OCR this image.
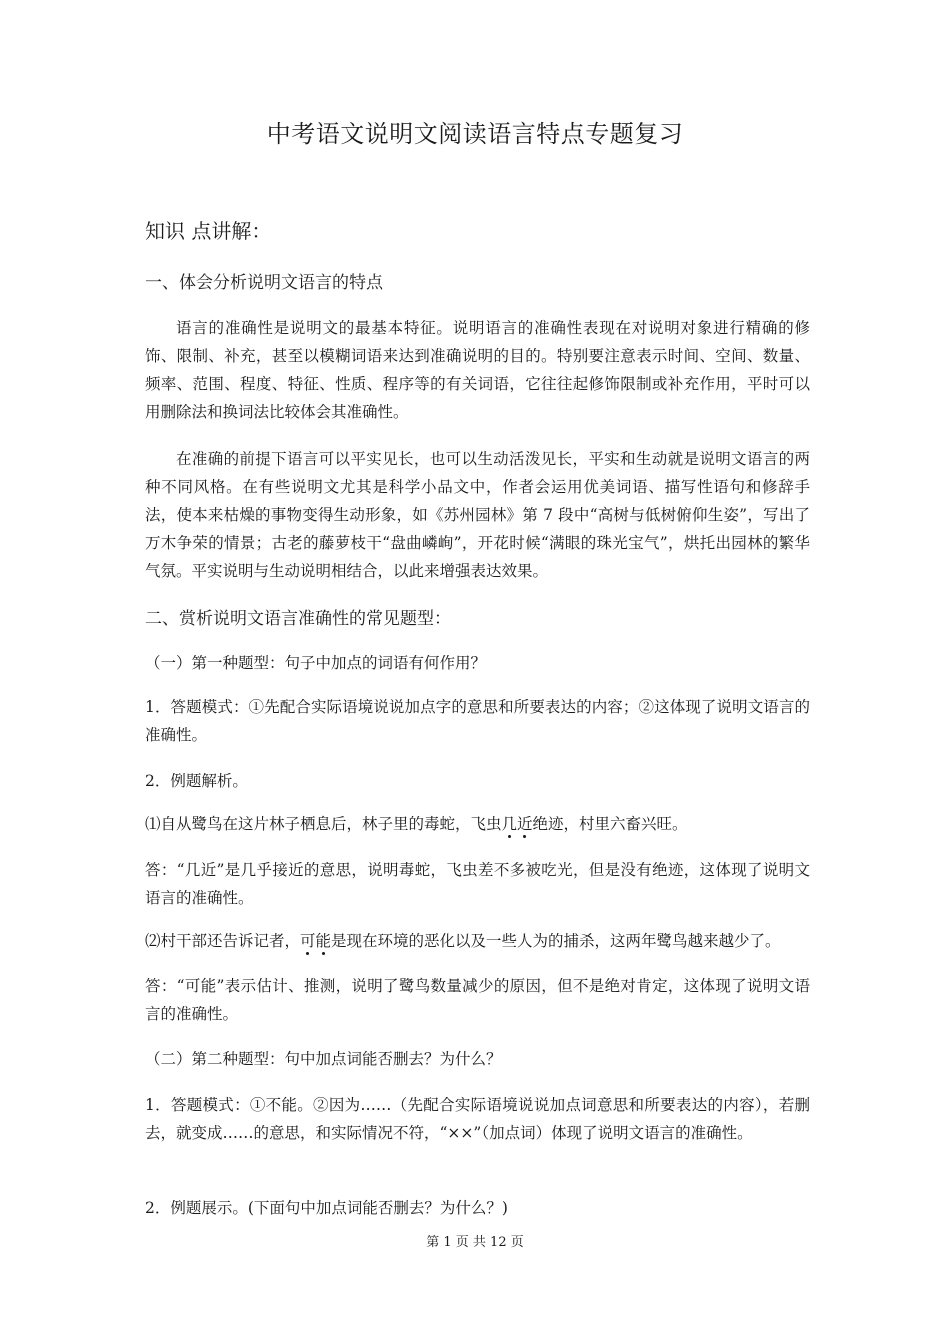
中考语文说明文阅读语言特点专题复习
知识 点讲解：
一、体会分析说明文语言的特点

语言的准确性是说明文的最基本特征。说明语言的准确性表现在对说明对象进行精确的修饰、限制、补充，甚至以模糊词语来达到准确说明的目的。特别要注意表示时间、空间、数量、频率、范围、程度、特征、性质、程序等的有关词语，它往往起修饰限制或补充作用，平时可以用删除法和换词法比较体会其准确性。

在准确的前提下语言可以平实见长，也可以生动活泼见长，平实和生动就是说明文语言的两种不同风格。在有些说明文尤其是科学小品文中，作者会运用优美词语、描写性语句和修辞手法，使本来枯燥的事物变得生动形象，如《苏州园林》第 7 段中“高树与低树俯仰生姿”，写出了万木争荣的情景；古老的藤萝枝干“盘曲嶙峋”，开花时候“满眼的珠光宝气”，烘托出园林的繁华气氛。平实说明与生动说明相结合，以此来增强表达效果。

二、赏析说明文语言准确性的常见题型：

（一）第一种题型：句子中加点的词语有何作用？

1．答题模式：①先配合实际语境说说加点字的意思和所要表达的内容；②这体现了说明文语言的准确性。

2．例题解析。

⑴自从鹭鸟在这片林子栖息后，林子里的毒蛇，飞虫几近绝迹，村里六畜兴旺。

答：“几近”是几乎接近的意思，说明毒蛇，飞虫差不多被吃光，但是没有绝迹，这体现了说明文语言的准确性。

⑵村干部还告诉记者，可能是现在环境的恶化以及一些人为的捕杀，这两年鹭鸟越来越少了。

答：“可能”表示估计、推测，说明了鹭鸟数量减少的原因，但不是绝对肯定，这体现了说明文语言的准确性。

（二）第二种题型：句中加点词能否删去？为什么？

1．答题模式：①不能。②因为……（先配合实际语境说说加点词意思和所要表达的内容），若删去，就变成……的意思，和实际情况不符，“××”（加点词）体现了说明文语言的准确性。

2．例题展示。(下面句中加点词能否删去？为什么？)

第 1 页 共 12 页
